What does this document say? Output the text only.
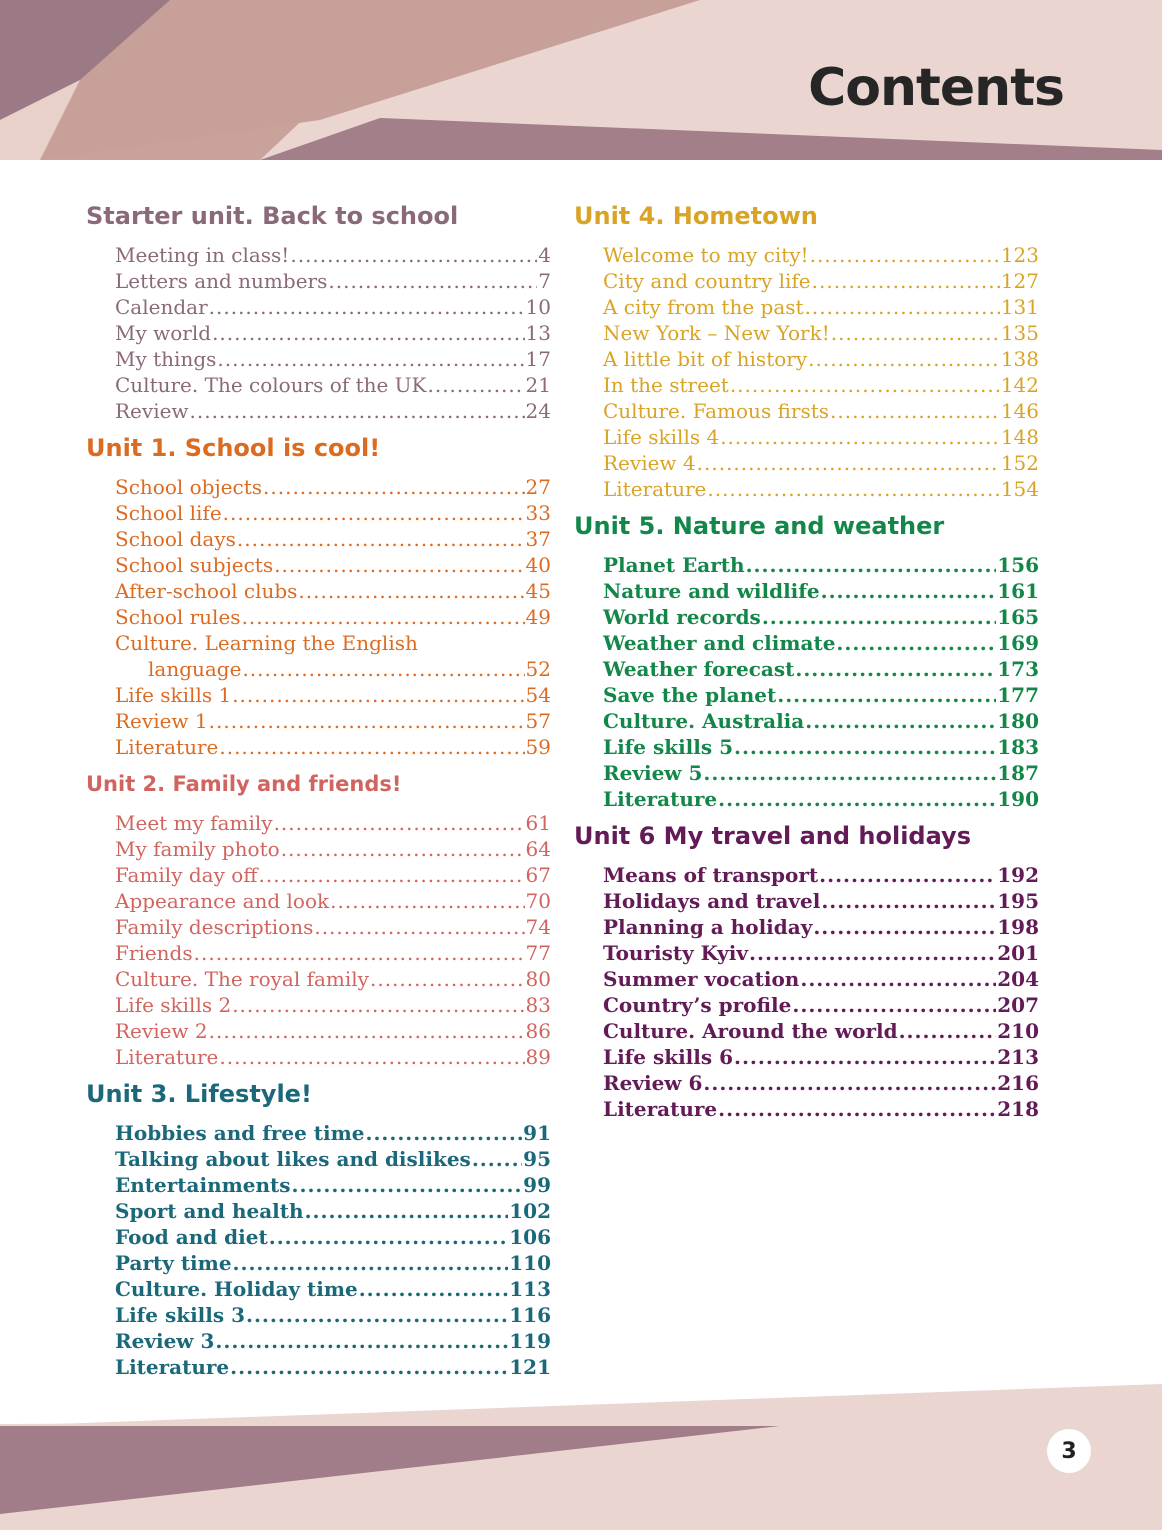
Contents
Starter unit. Back to school
Meeting in class! .....	4
Letters and numbers .....	7
Calendar .....	10
My world .....	13
My things .....	17
Culture. The colours of the UK .....	21
Review .....	24
Unit 1. School is cool!
School objects .....	27
School life .....	33
School days .....	37
School subjects .....	40
After-school clubs .....	45
School rules .....	49
Culture. Learning the English
language .....	52
Life skills 1 .....	54
Review 1 .....	57
Literature .....	59
Unit 2. Family and friends!
Meet my family .....	61
My family photo .....	64
Family day off .....	67
Appearance and look .....	70
Family descriptions .....	74
Friends .....	77
Culture. The royal family .....	80
Life skills 2 .....	83
Review 2 .....	86
Literature .....	89
Unit 3. Lifestyle!
Hobbies and free time .....	91
Talking about likes and dislikes .....	95
Entertainments .....	99
Sport and health .....	102
Food and diet .....	106
Party time .....	110
Culture. Holiday time .....	113
Life skills 3 .....	116
Review 3 .....	119
Literature .....	121
Unit 4. Hometown
Welcome to my city! .....	123
City and country life .....	127
A city from the past .....	131
New York – New York! .....	135
A little bit of history .....	138
In the street .....	142
Culture. Famous firsts .....	146
Life skills 4 .....	148
Review 4 .....	152
Literature .....	154
Unit 5. Nature and weather
Planet Earth .....	156
Nature and wildlife .....	161
World records .....	165
Weather and climate .....	169
Weather forecast .....	173
Save the planet .....	177
Culture. Australia .....	180
Life skills 5 .....	183
Review 5 .....	187
Literature .....	190
Unit 6 My travel and holidays
Means of transport .....	192
Holidays and travel .....	195
Planning a holiday .....	198
Touristy Kyiv .....	201
Summer vocation .....	204
Country’s profile .....	207
Culture. Around the world .....	210
Life skills 6 .....	213
Review 6 .....	216
Literature .....	218
3
